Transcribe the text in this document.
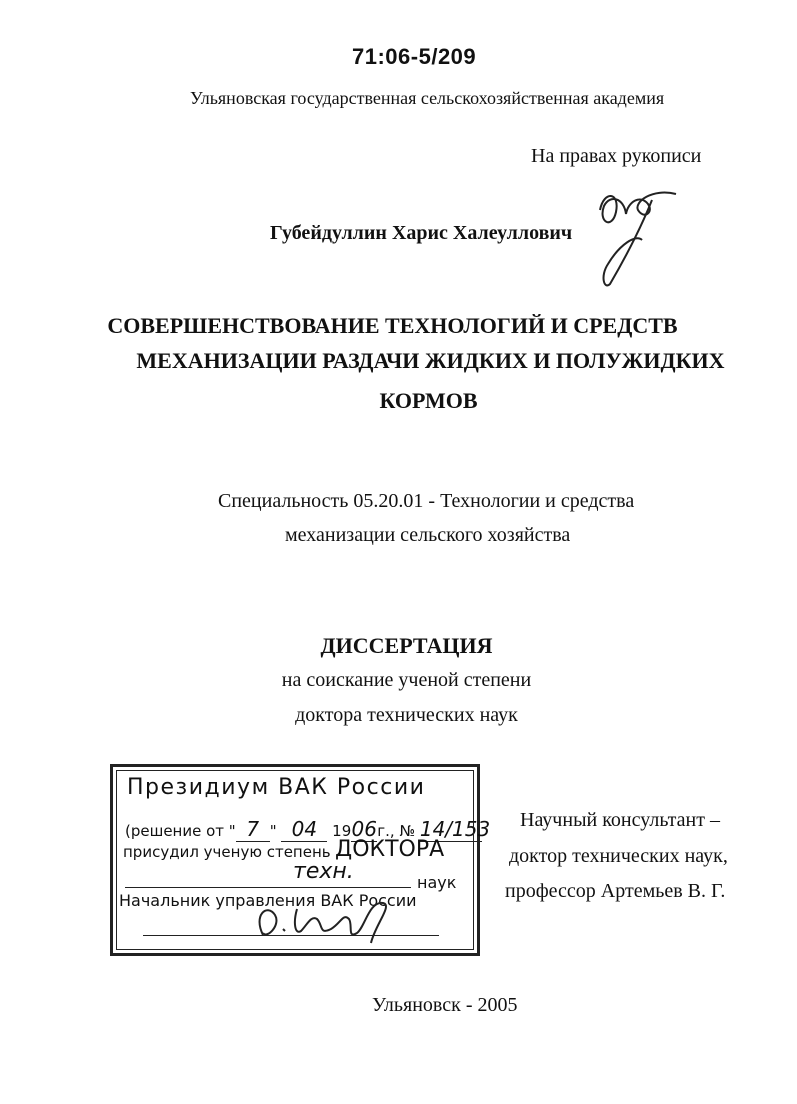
71:06-5/209
Ульяновская государственная сельскохозяйственная академия
На правах рукописи
Губейдуллин Харис Халеуллович
СОВЕРШЕНСТВОВАНИЕ ТЕХНОЛОГИЙ И СРЕДСТВ
МЕХАНИЗАЦИИ РАЗДАЧИ ЖИДКИХ И ПОЛУЖИДКИХ
КОРМОВ
Специальность 05.20.01 - Технологии и средства
механизации сельского хозяйства
ДИССЕРТАЦИЯ
на соискание ученой степени
доктора технических наук
Президиум ВАК России
(решение от " 7 " 04 1906г., № 14/153
присудил ученую степень ДОКТОРА
техн.	наук
Начальник управления ВАК России
Научный консультант –
доктор технических наук,
профессор Артемьев В. Г.
Ульяновск - 2005
